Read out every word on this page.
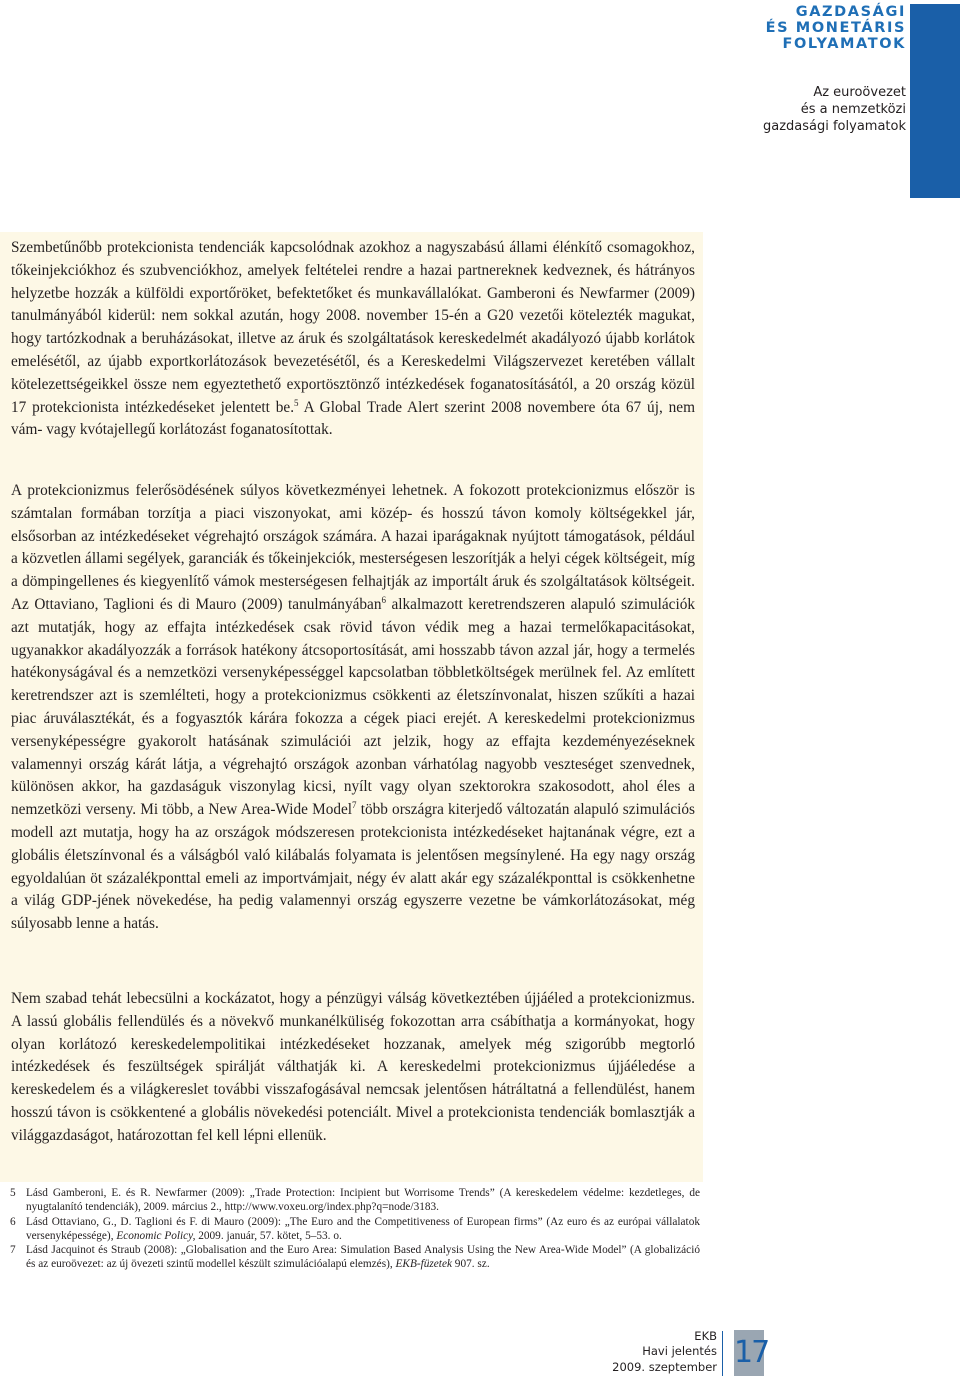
GAZDASÁGI
ÉS MONETÁRIS
FOLYAMATOK
Az euroövezet
és a nemzetközi
gazdasági folyamatok

Szembetűnőbb protekcionista tendenciák kapcsolódnak azokhoz a nagyszabású állami élénkítő csomagokhoz, tőkeinjekciókhoz és szubvenciókhoz, amelyek feltételei rendre a hazai partnereknek kedveznek, és hátrányos helyzetbe hozzák a külföldi exportőröket, befektetőket és munkavállalókat. Gamberoni és Newfarmer (2009) tanulmányából kiderül: nem sokkal azután, hogy 2008. november 15-én a G20 vezetői kötelezték magukat, hogy tartózkodnak a beruházásokat, illetve az áruk és szolgáltatások kereskedelmét akadályozó újabb korlátok emelésétől, az újabb exportkorlátozások bevezetésétől, és a Kereskedelmi Világszervezet keretében vállalt kötelezettségeikkel össze nem egyeztethető exportösztönző intézkedések foganatosításától, a 20 ország közül 17 protekcionista intézkedéseket jelentett be.$^5$ A Global Trade Alert szerint 2008 novembere óta 67 új, nem vám- vagy kvótajellegű korlátozást foganatosítottak.

A protekcionizmus felerősödésének súlyos következményei lehetnek. A fokozott protekcionizmus először is számtalan formában torzítja a piaci viszonyokat, ami közép- és hosszú távon komoly költségekkel jár, elsősorban az intézkedéseket végrehajtó országok számára. A hazai iparágaknak nyújtott támogatások, például a közvetlen állami segélyek, garanciák és tőkeinjekciók, mesterségesen leszorítják a helyi cégek költségeit, míg a dömpingellenes és kiegyenlítő vámok mesterségesen felhajtják az importált áruk és szolgáltatások költségeit. Az Ottaviano, Taglioni és di Mauro (2009) tanulmányában$^6$ alkalmazott keretrendszeren alapuló szimulációk azt mutatják, hogy az effajta intézkedések csak rövid távon védik meg a hazai termelőkapacitásokat, ugyanakkor akadályozzák a források hatékony átcsoportosítását, ami hosszabb távon azzal jár, hogy a termelés hatékonyságával és a nemzetközi versenyképességgel kapcsolatban többletköltségek merülnek fel. Az említett keretrendszer azt is szemlélteti, hogy a protekcionizmus csökkenti az életszínvonalat, hiszen szűkíti a hazai piac áruválasztékát, és a fogyasztók kárára fokozza a cégek piaci erejét. A kereskedelmi protekcionizmus versenyképességre gyakorolt hatásának szimulációi azt jelzik, hogy az effajta kezdeményezéseknek valamennyi ország kárát látja, a végrehajtó országok azonban várhatólag nagyobb veszteséget szenvednek, különösen akkor, ha gazdaságuk viszonylag kicsi, nyílt vagy olyan szektorokra szakosodott, ahol éles a nemzetközi verseny. Mi több, a New Area-Wide Model$^7$ több országra kiterjedő változatán alapuló szimulációs modell azt mutatja, hogy ha az országok módszeresen protekcionista intézkedéseket hajtanának végre, ezt a globális életszínvonal és a válságból való kilábalás folyamata is jelentősen megsínylené. Ha egy nagy ország egyoldalúan öt százalékponttal emeli az importvámjait, négy év alatt akár egy százalékponttal is csökkenhetne a világ GDP-jének növekedése, ha pedig valamennyi ország egyszerre vezetne be vámkorlátozásokat, még súlyosabb lenne a hatás.

Nem szabad tehát lebecsülni a kockázatot, hogy a pénzügyi válság következtében újjáéled a protekcionizmus. A lassú globális fellendülés és a növekvő munkanélküliség fokozottan arra csábíthatja a kormányokat, hogy olyan korlátozó kereskedelempolitikai intézkedéseket hozzanak, amelyek még szigorúbb megtorló intézkedések és feszültségek spirálját válthatják ki. A kereskedelmi protekcionizmus újjáéledése a kereskedelem és a világkereslet további visszafogásával nemcsak jelentősen hátráltatná a fellendülést, hanem hosszú távon is csökkentené a globális növekedési potenciált. Mivel a protekcionista tendenciák bomlasztják a világgazdaságot, határozottan fel kell lépni ellenük.

5 Lásd Gamberoni, E. és R. Newfarmer (2009): „Trade Protection: Incipient but Worrisome Trends” (A kereskedelem védelme: kezdetleges, de nyugtalanító tendenciák), 2009. március 2., http://www.voxeu.org/index.php?q=node/3183.
6 Lásd Ottaviano, G., D. Taglioni és F. di Mauro (2009): „The Euro and the Competitiveness of European firms” (Az euro és az európai vállalatok versenyképessége), Economic Policy, 2009. január, 57. kötet, 5–53. o.
7 Lásd Jacquinot és Straub (2008): „Globalisation and the Euro Area: Simulation Based Analysis Using the New Area-Wide Model” (A globalizáció és az euroövezet: az új övezeti szintű modellel készült szimulációalapú elemzés), EKB-füzetek 907. sz.
EKB
Havi jelentés
2009. szeptember 17
